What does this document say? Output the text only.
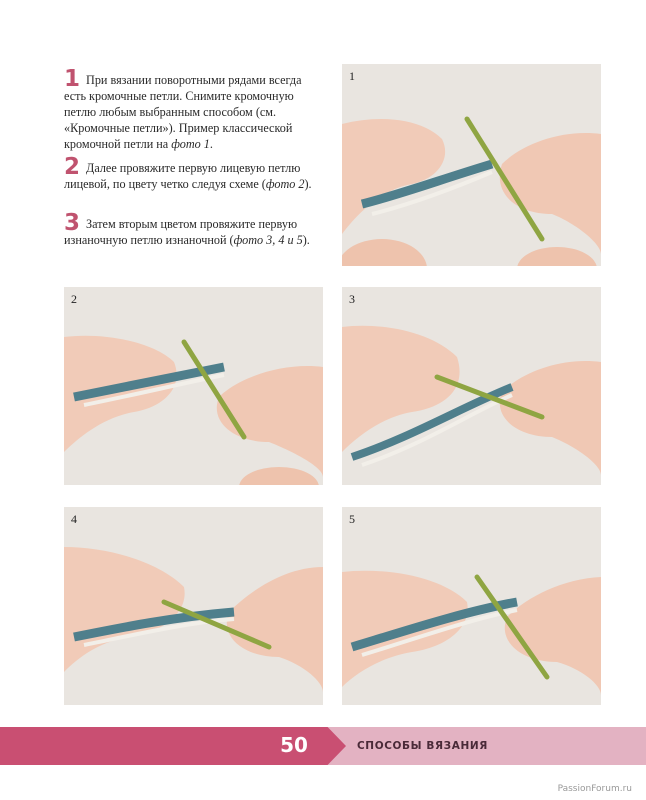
1 При вязании поворотными рядами всегда есть кромочные петли. Снимите кромочную петлю любым выбранным способом (см. «Кромочные петли»). Пример классической кромочной петли на фото 1.
2 Далее провяжите первую лицевую петлю лицевой, по цвету четко следуя схеме (фото 2).
3 Затем вторым цветом провяжите первую изнаночную петлю изнаночной (фото 3, 4 и 5).
1
2	3
4	5
50	СПОСОБЫ ВЯЗАНИЯ
PassionForum.ru
